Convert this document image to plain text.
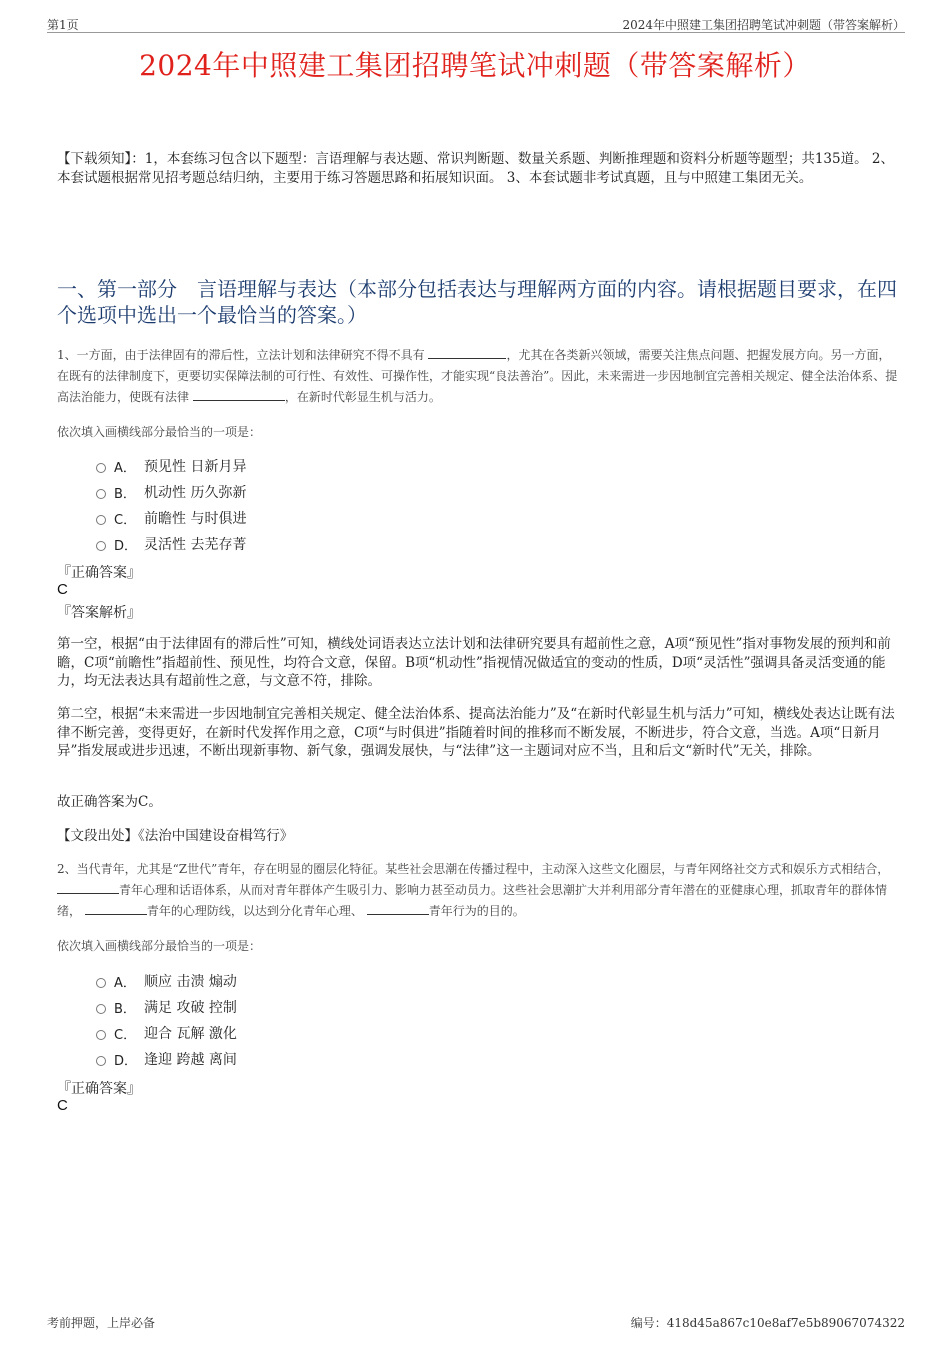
第1页	2024年中照建工集团招聘笔试冲刺题（带答案解析）
2024年中照建工集团招聘笔试冲刺题（带答案解析）
【下载须知】：1，本套练习包含以下题型：言语理解与表达题、常识判断题、数量关系题、判断推理题和资料分析题等题型；共135道。 2、本套试题根据常见招考题总结归纳，主要用于练习答题思路和拓展知识面。 3、本套试题非考试真题，且与中照建工集团无关。
一、第一部分　言语理解与表达（本部分包括表达与理解两方面的内容。请根据题目要求，在四个选项中选出一个最恰当的答案。）
1、一方面，由于法律固有的滞后性，立法计划和法律研究不得不具有	，尤其在各类新兴领域，需要关注焦点问题、把握发展方向。另一方面，在既有的法律制度下，更要切实保障法制的可行性、有效性、可操作性，才能实现“良法善治”。因此，未来需进一步因地制宜完善相关规定、健全法治体系、提高法治能力，使既有法律	，在新时代彰显生机与活力。
依次填入画横线部分最恰当的一项是：
A． 预见性 日新月异
B． 机动性 历久弥新
C． 前瞻性 与时俱进
D． 灵活性 去芜存菁
『正确答案』
C
『答案解析』
第一空，根据“由于法律固有的滞后性”可知，横线处词语表达立法计划和法律研究要具有超前性之意，A项“预见性”指对事物发展的预判和前瞻，C项“前瞻性”指超前性、预见性，均符合文意，保留。B项“机动性”指视情况做适宜的变动的性质，D项“灵活性”强调具备灵活变通的能力，均无法表达具有超前性之意，与文意不符，排除。
第二空，根据“未来需进一步因地制宜完善相关规定、健全法治体系、提高法治能力”及“在新时代彰显生机与活力”可知，横线处表达让既有法律不断完善，变得更好，在新时代发挥作用之意，C项“与时俱进”指随着时间的推移而不断发展，不断进步，符合文意，当选。A项“日新月异”指发展或进步迅速，不断出现新事物、新气象，强调发展快，与“法律”这一主题词对应不当，且和后文“新时代”无关，排除。
故正确答案为C。
【文段出处】《法治中国建设奋楫笃行》
2、当代青年，尤其是“Z世代”青年，存在明显的圈层化特征。某些社会思潮在传播过程中，主动深入这些文化圈层，与青年网络社交方式和娱乐方式相结合， 青年心理和话语体系，从而对青年群体产生吸引力、影响力甚至动员力。这些社会思潮扩大并利用部分青年潜在的亚健康心理，抓取青年的群体情绪，	青年的心理防线，以达到分化青年心理、	青年行为的目的。
依次填入画横线部分最恰当的一项是：
A． 顺应 击溃 煽动
B． 满足 攻破 控制
C． 迎合 瓦解 激化
D． 逢迎 跨越 离间
『正确答案』
C
考前押题，上岸必备	编号：418d45a867c10e8af7e5b89067074322
